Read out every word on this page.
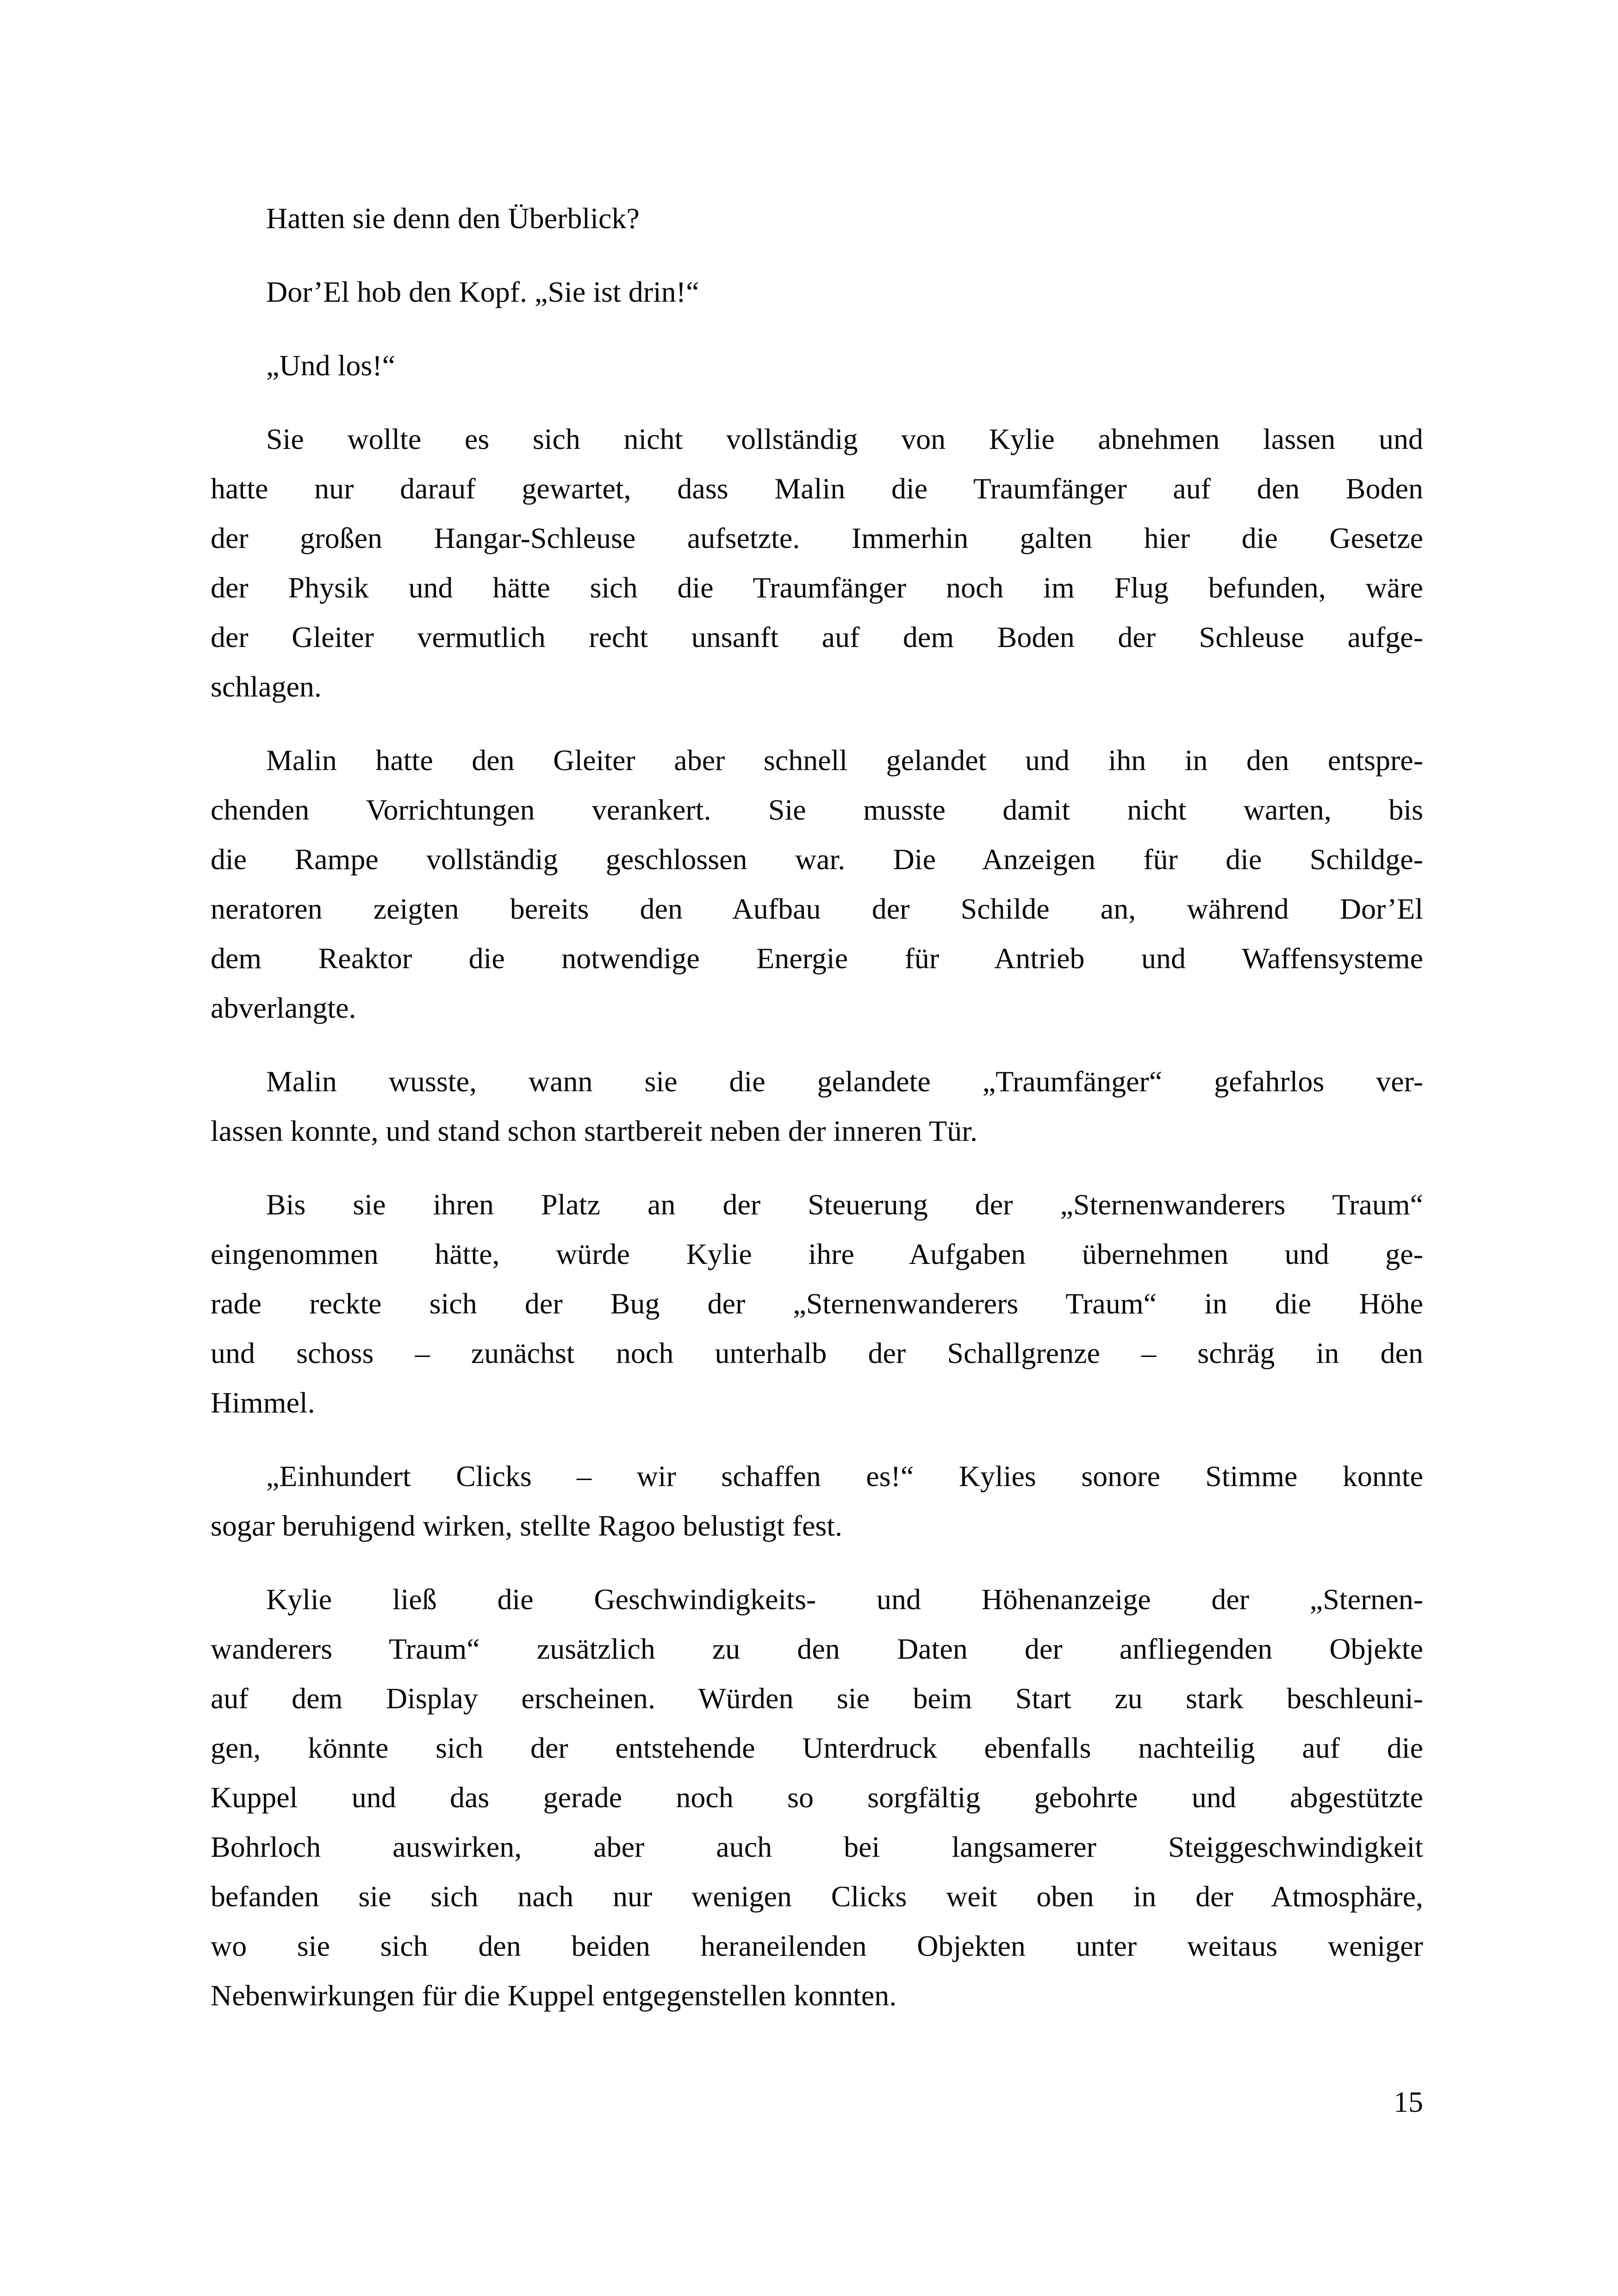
Hatten sie denn den Überblick?

Dor’El hob den Kopf. „Sie ist drin!“

„Und los!“

Sie wollte es sich nicht vollständig von Kylie abnehmen lassen und
hatte nur darauf gewartet, dass Malin die Traumfänger auf den Boden
der großen Hangar-Schleuse aufsetzte. Immerhin galten hier die Gesetze
der Physik und hätte sich die Traumfänger noch im Flug befunden, wäre
der Gleiter vermutlich recht unsanft auf dem Boden der Schleuse aufge-
schlagen.

Malin hatte den Gleiter aber schnell gelandet und ihn in den entspre-
chenden Vorrichtungen verankert. Sie musste damit nicht warten, bis
die Rampe vollständig geschlossen war. Die Anzeigen für die Schildge-
neratoren zeigten bereits den Aufbau der Schilde an, während Dor’El
dem Reaktor die notwendige Energie für Antrieb und Waffensysteme
abverlangte.

Malin wusste, wann sie die gelandete „Traumfänger“ gefahrlos ver-
lassen konnte, und stand schon startbereit neben der inneren Tür.

Bis sie ihren Platz an der Steuerung der „Sternenwanderers Traum“
eingenommen hätte, würde Kylie ihre Aufgaben übernehmen und ge-
rade reckte sich der Bug der „Sternenwanderers Traum“ in die Höhe
und schoss – zunächst noch unterhalb der Schallgrenze – schräg in den
Himmel.

„Einhundert Clicks – wir schaffen es!“ Kylies sonore Stimme konnte
sogar beruhigend wirken, stellte Ragoo belustigt fest.

Kylie ließ die Geschwindigkeits- und Höhenanzeige der „Sternen-
wanderers Traum“ zusätzlich zu den Daten der anfliegenden Objekte
auf dem Display erscheinen. Würden sie beim Start zu stark beschleuni-
gen, könnte sich der entstehende Unterdruck ebenfalls nachteilig auf die
Kuppel und das gerade noch so sorgfältig gebohrte und abgestützte
Bohrloch auswirken, aber auch bei langsamerer Steiggeschwindigkeit
befanden sie sich nach nur wenigen Clicks weit oben in der Atmosphäre,
wo sie sich den beiden heraneilenden Objekten unter weitaus weniger
Nebenwirkungen für die Kuppel entgegenstellen konnten.

15
